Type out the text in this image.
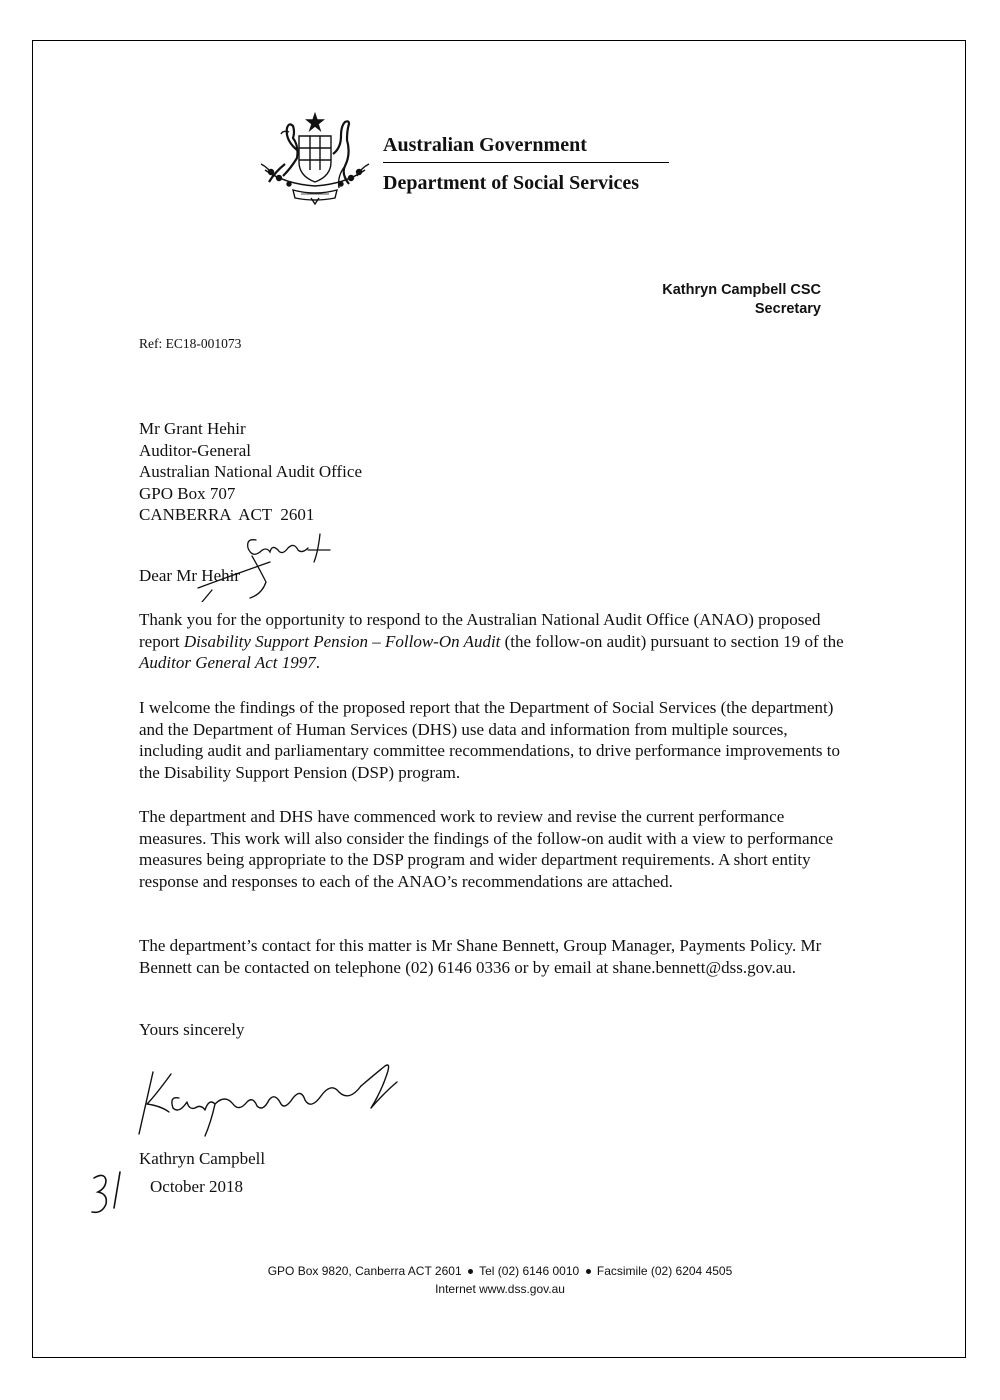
Australian Government
Department of Social Services
Kathryn Campbell CSC
Secretary
Ref: EC18-001073
Mr Grant Hehir
Auditor-General
Australian National Audit Office
GPO Box 707
CANBERRA  ACT  2601
Dear Mr Hehir

Thank you for the opportunity to respond to the Australian National Audit Office (ANAO) proposed report Disability Support Pension – Follow-On Audit (the follow-on audit) pursuant to section 19 of the Auditor General Act 1997.

I welcome the findings of the proposed report that the Department of Social Services (the department) and the Department of Human Services (DHS) use data and information from multiple sources, including audit and parliamentary committee recommendations, to drive performance improvements to the Disability Support Pension (DSP) program.

The department and DHS have commenced work to review and revise the current performance measures. This work will also consider the findings of the follow-on audit with a view to performance measures being appropriate to the DSP program and wider department requirements. A short entity response and responses to each of the ANAO’s recommendations are attached.

The department’s contact for this matter is Mr Shane Bennett, Group Manager, Payments Policy. Mr Bennett can be contacted on telephone (02) 6146 0336 or by email at shane.bennett@dss.gov.au.

Yours sincerely
Kathryn Campbell
October 2018
GPO Box 9820, Canberra ACT 2601 Tel (02) 6146 0010 Facsimile (02) 6204 4505
Internet www.dss.gov.au
